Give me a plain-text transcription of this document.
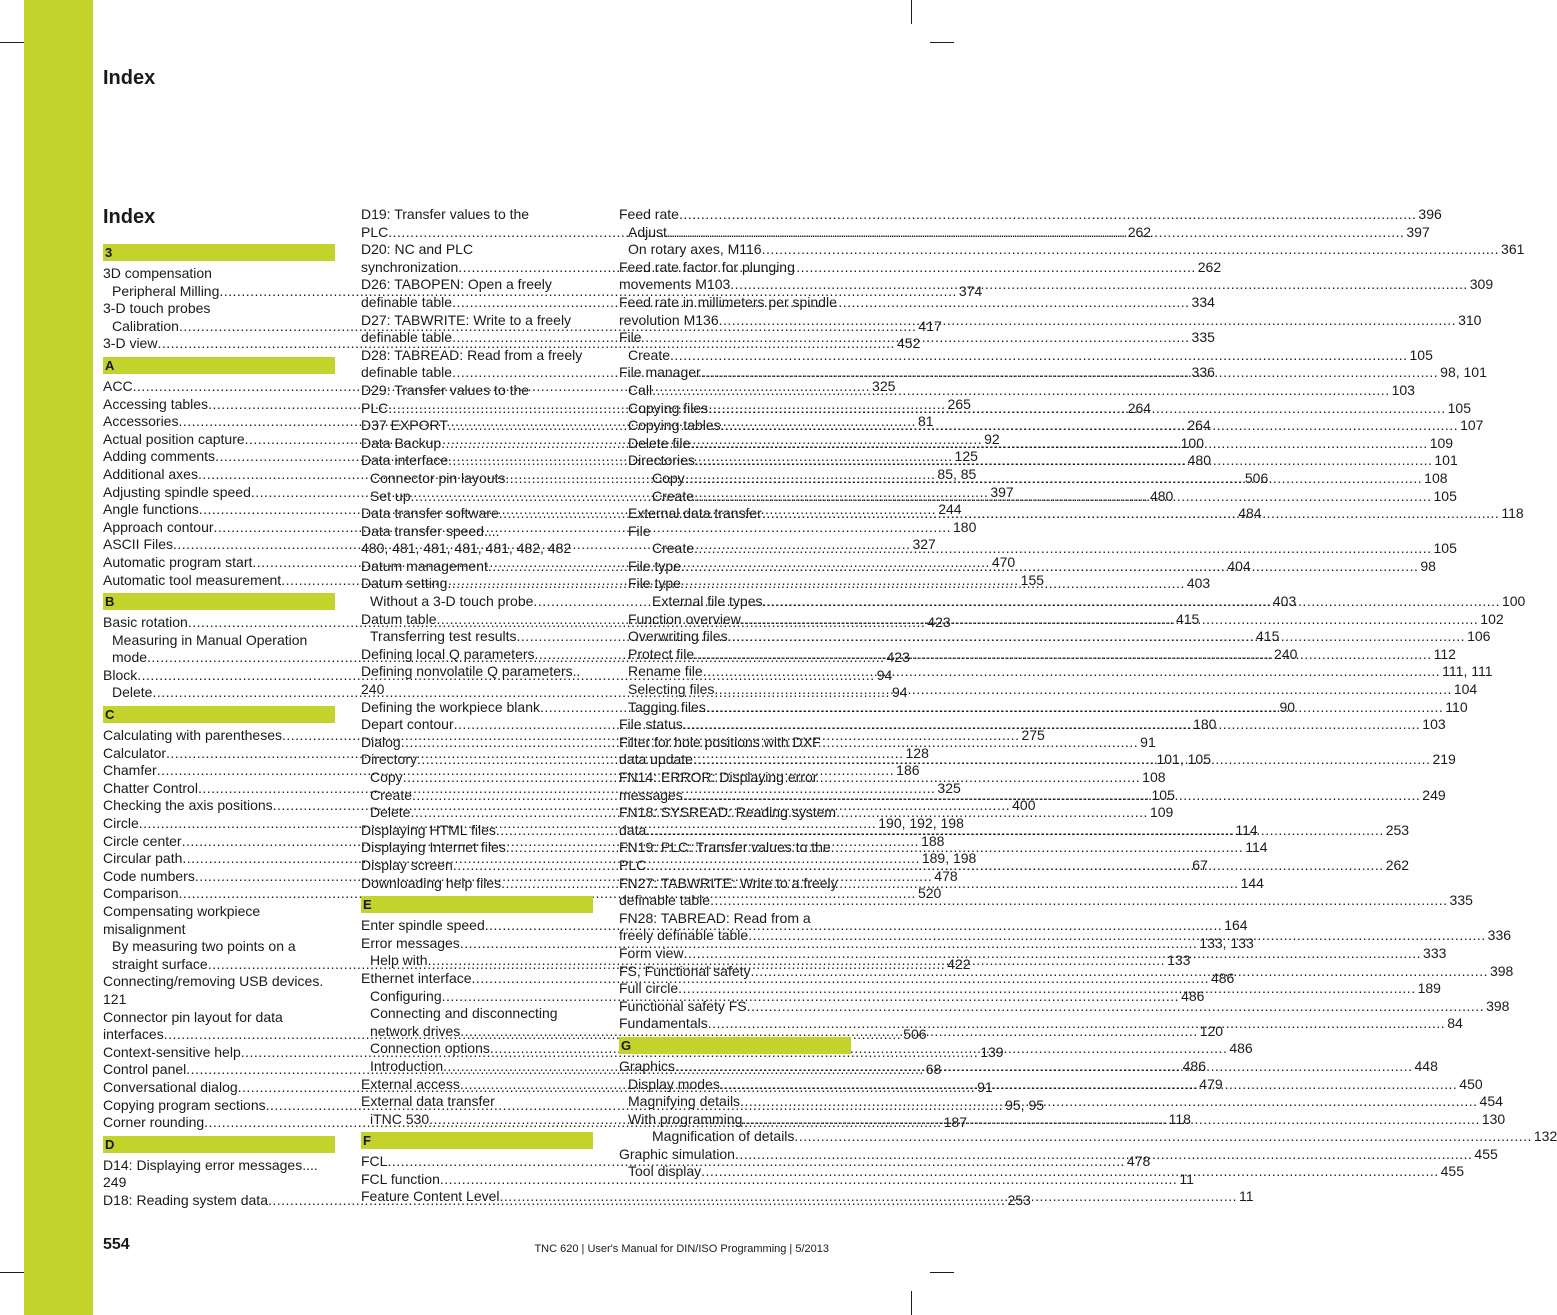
Index
Index
3
3D compensation
Peripheral Milling .....	374
3-D touch probes
Calibration .....	417
3-D view .....	452
A
ACC .....	325
Accessing tables .....	265
Accessories .....	81
Actual position capture .....	92
Adding comments .....	125
Additional axes .....	85, 85
Adjusting spindle speed .....	397
Angle functions .....	244
Approach contour .....	180
ASCII Files .....	327
Automatic program start .....	470
Automatic tool measurement .....	155
B
Basic rotation .....	423
Measuring in Manual Operation
mode .....	423
Block .....	94
Delete .....	94
C
Calculating with parentheses .....	275
Calculator .....	128
Chamfer .....	186
Chatter Control .....	325
Checking the axis positions .....	400
Circle .....	190, 192, 198
Circle center .....	188
Circular path .....	189, 198
Code numbers .....	478
Comparison .....	520
Compensating workpiece
misalignment
By measuring two points on a
straight surface .....	422
Connecting/removing USB devices.
121
Connector pin layout for data
interfaces .....	506
Context-sensitive help .....	139
Control panel .....	68
Conversational dialog .....	91
Copying program sections .....	95, 95
Corner rounding .....	187
D
D14: Displaying error messages....
249
D18: Reading system data .....	253
D19: Transfer values to the
PLC .....	262
D20: NC and PLC
synchronization .....	262
D26: TABOPEN: Open a freely
definable table .....	334
D27: TABWRITE: Write to a freely
definable table .....	335
D28: TABREAD: Read from a freely
definable table .....	336
D29: Transfer values to the
PLC .....	264
D37 EXPORT .....	264
Data Backup .....	100
Data interface .....	480
Connector pin layouts .....	506
Set up .....	480
Data transfer software .....	484
Data transfer speed....
480, 481, 481, 481, 481, 482, 482
Datum management .....	404
Datum setting .....	403
Without a 3-D touch probe .....	403
Datum table .....	415
Transferring test results .....	415
Defining local Q parameters .....	240
Defining nonvolatile Q parameters..
240
Defining the workpiece blank .....	90
Depart contour .....	180
Dialog .....	91
Directory .....	101, 105
Copy .....	108
Create .....	105
Delete .....	109
Displaying HTML files .....	114
Displaying Internet files .....	114
Display screen .....	67
Downloading help files .....	144
E
Enter spindle speed .....	164
Error messages .....	133, 133
Help with .....	133
Ethernet interface .....	486
Configuring .....	486
Connecting and disconnecting
network drives .....	120
Connection options .....	486
Introduction .....	486
External access .....	479
External data transfer
iTNC 530 .....	118
F
FCL .....	478
FCL function .....	11
Feature Content Level .....	11
Feed rate .....	396
Adjust .....	397
On rotary axes, M116 .....	361
Feed rate factor for plunging
movements M103 .....	309
Feed rate in millimeters per spindle
revolution M136 .....	310
File
Create .....	105
File manager .....	98, 101
Call .....	103
Copying files .....	105
Copying tables .....	107
Delete file .....	109
Directories .....	101
Copy .....	108
Create .....	105
External data transfer .....	118
File
Create .....	105
File type .....	98
File type
External file types .....	100
Function overview .....	102
Overwriting files .....	106
Protect file .....	112
Rename file .....	111, 111
Selecting files .....	104
Tagging files .....	110
File status .....	103
Filter for hole positions with DXF
data update .....	219
FN14: ERROR: Displaying error
messages .....	249
FN18: SYSREAD: Reading system
data .....	253
FN19: PLC: Transfer values to the
PLC .....	262
FN27: TABWRITE: Write to a freely
definable table .....	335
FN28: TABREAD: Read from a
freely definable table .....	336
Form view .....	333
FS, Functional safety .....	398
Full circle .....	189
Functional safety FS .....	398
Fundamentals .....	84
G
Graphics .....	448
Display modes .....	450
Magnifying details .....	454
With programming .....	130
Magnification of details .....	132
Graphic simulation .....	455
Tool display .....	455
554	TNC 620 | User's Manual for DIN/ISO Programming | 5/2013
